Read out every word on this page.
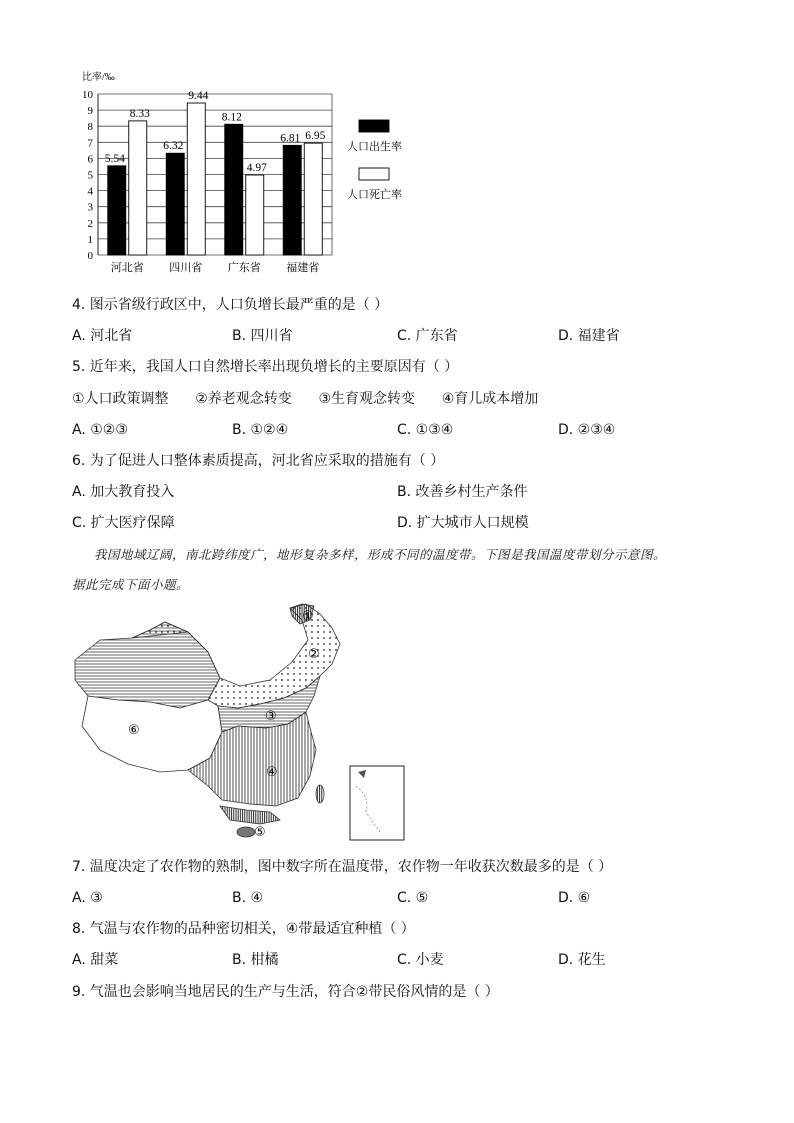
比率/‰
0
1
2
3
4
5
6
7
8
9
10
5.54
8.33
6.32
9.44
8.12
4.97
6.81 6.95
河北省 四川省 广东省 福建省
人口出生率
人口死亡率
4. 图示省级行政区中，人口负增长最严重的是（ ）
A. 河北省	B. 四川省	C. 广东省	D. 福建省
5. 近年来，我国人口自然增长率出现负增长的主要原因有（ ）
①人口政策调整      ②养老观念转变      ③生育观念转变      ④育儿成本增加
A. ①②③	B. ①②④	C. ①③④	D. ②③④
6. 为了促进人口整体素质提高，河北省应采取的措施有（ ）
A. 加大教育投入	B. 改善乡村生产条件
C. 扩大医疗保障	D. 扩大城市人口规模
我国地域辽阔，南北跨纬度广，地形复杂多样，形成不同的温度带。下图是我国温度带划分示意图。
据此完成下面小题。
①
②
③
④
⑤
⑥
7. 温度决定了农作物的熟制，图中数字所在温度带，农作物一年收获次数最多的是（ ）
A. ③	B. ④	C. ⑤	D. ⑥
8. 气温与农作物的品种密切相关，④带最适宜种植（ ）
A. 甜菜	B. 柑橘	C. 小麦	D. 花生
9. 气温也会影响当地居民的生产与生活，符合②带民俗风情的是（ ）
